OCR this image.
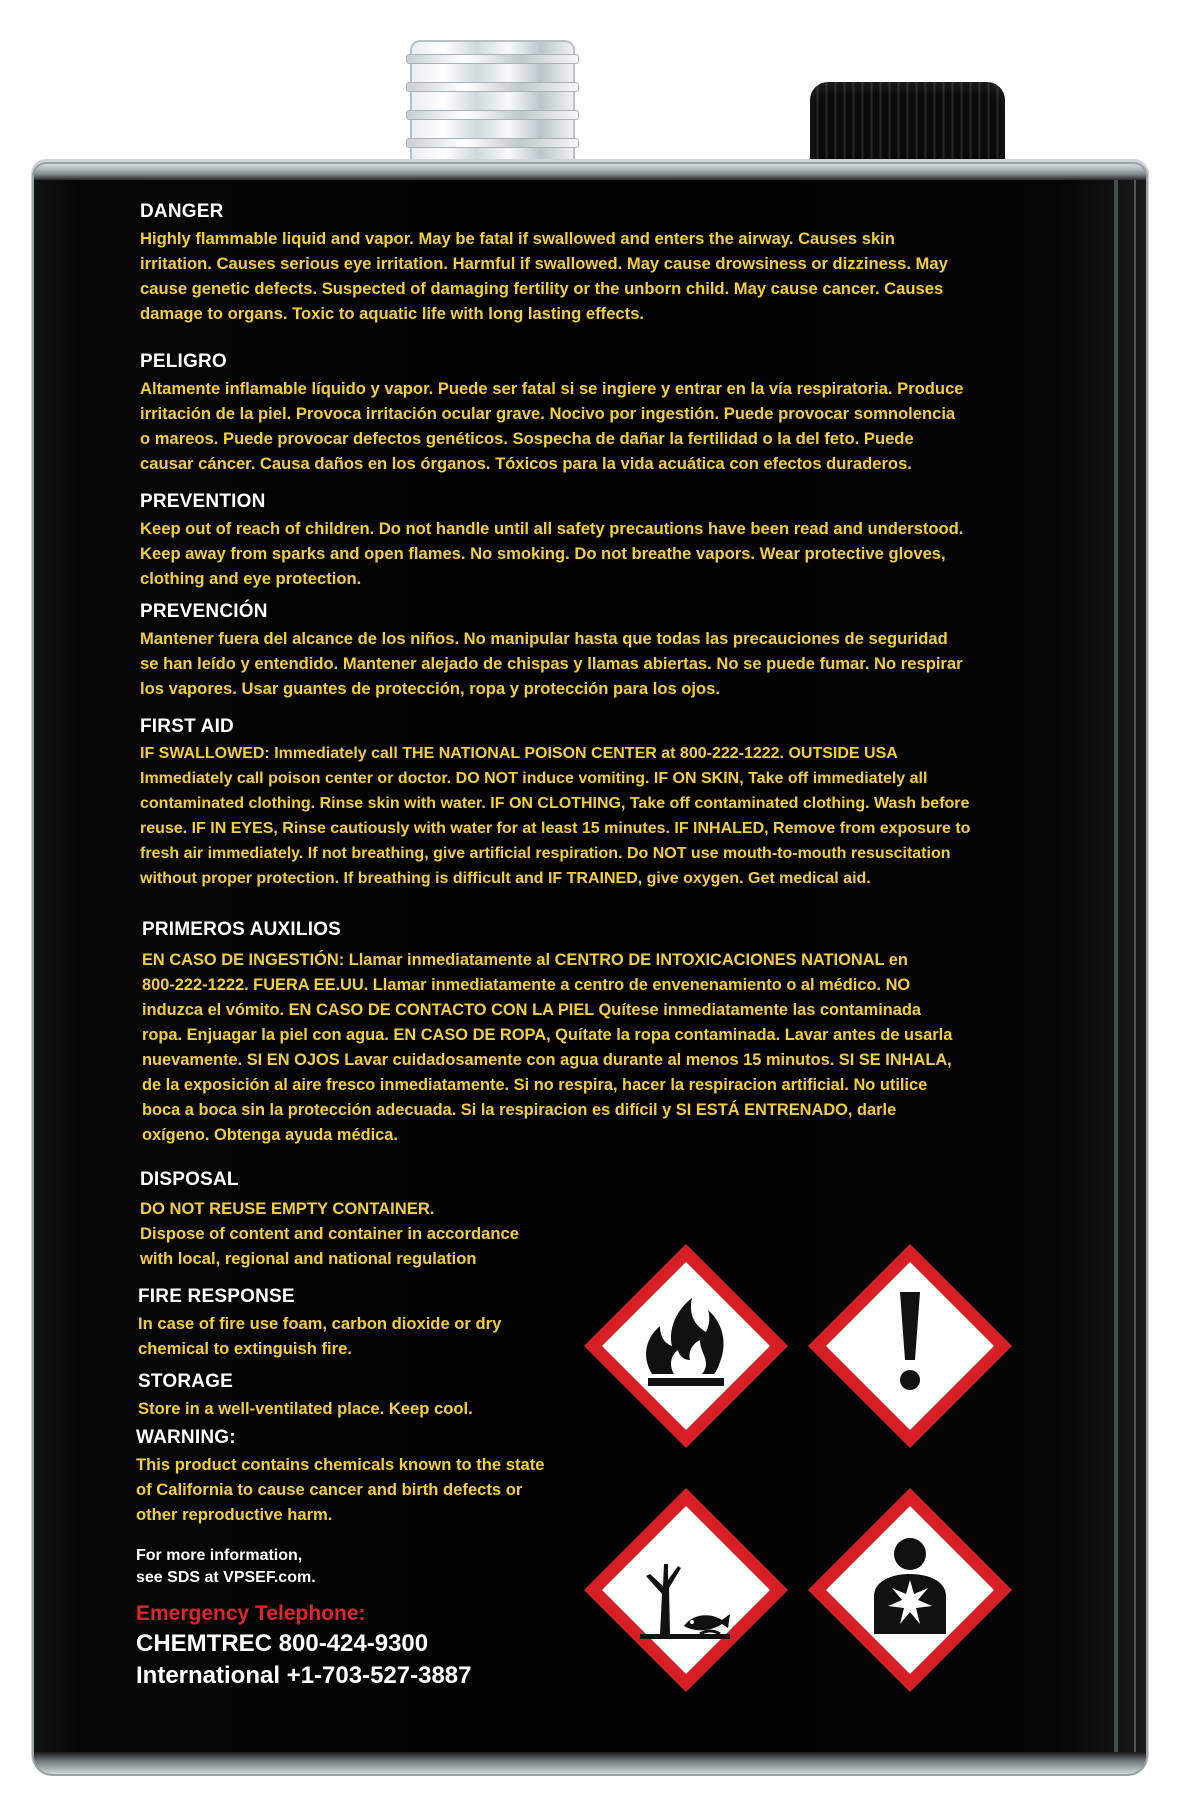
DANGER
Highly flammable liquid and vapor. May be fatal if swallowed and enters the airway. Causes skin
irritation. Causes serious eye irritation. Harmful if swallowed. May cause drowsiness or dizziness. May
cause genetic defects. Suspected of damaging fertility or the unborn child. May cause cancer. Causes
damage to organs. Toxic to aquatic life with long lasting effects.
PELIGRO
Altamente inflamable líquido y vapor. Puede ser fatal si se ingiere y entrar en la vía respiratoria. Produce
irritación de la piel. Provoca irritación ocular grave. Nocivo por ingestión. Puede provocar somnolencia
o mareos. Puede provocar defectos genéticos. Sospecha de dañar la fertilidad o la del feto. Puede
causar cáncer. Causa daños en los órganos. Tóxicos para la vida acuática con efectos duraderos.
PREVENTION
Keep out of reach of children. Do not handle until all safety precautions have been read and understood.
Keep away from sparks and open flames. No smoking. Do not breathe vapors. Wear protective gloves,
clothing and eye protection.
PREVENCIÓN
Mantener fuera del alcance de los niños. No manipular hasta que todas las precauciones de seguridad
se han leído y entendido. Mantener alejado de chispas y llamas abiertas. No se puede fumar. No respirar
los vapores. Usar guantes de protección, ropa y protección para los ojos.
FIRST AID
IF SWALLOWED: Immediately call THE NATIONAL POISON CENTER at 800-222-1222. OUTSIDE USA
Immediately call poison center or doctor. DO NOT induce vomiting. IF ON SKIN, Take off immediately all
contaminated clothing. Rinse skin with water. IF ON CLOTHING, Take off contaminated clothing. Wash before
reuse. IF IN EYES, Rinse cautiously with water for at least 15 minutes. IF INHALED, Remove from exposure to
fresh air immediately. If not breathing, give artificial respiration. Do NOT use mouth-to-mouth resuscitation
without proper protection. If breathing is difficult and IF TRAINED, give oxygen. Get medical aid.
PRIMEROS AUXILIOS
EN CASO DE INGESTIÓN: Llamar inmediatamente al CENTRO DE INTOXICACIONES NATIONAL en
800-222-1222. FUERA EE.UU. Llamar inmediatamente a centro de envenenamiento o al médico. NO
induzca el vómito. EN CASO DE CONTACTO CON LA PIEL Quítese inmediatamente las contaminada
ropa. Enjuagar la piel con agua. EN CASO DE ROPA, Quítate la ropa contaminada. Lavar antes de usarla
nuevamente. SI EN OJOS Lavar cuidadosamente con agua durante al menos 15 minutos. SI SE INHALA,
de la exposición al aire fresco inmediatamente. Si no respira, hacer la respiracion artificial. No utilice
boca a boca sin la protección adecuada. Si la respiracion es difícil y SI ESTÁ ENTRENADO, darle
oxígeno. Obtenga ayuda médica.
DISPOSAL
DO NOT REUSE EMPTY CONTAINER.
Dispose of content and container in accordance
with local, regional and national regulation
FIRE RESPONSE
In case of fire use foam, carbon dioxide or dry
chemical to extinguish fire.
STORAGE
Store in a well-ventilated place. Keep cool.
WARNING:
This product contains chemicals known to the state
of California to cause cancer and birth defects or
other reproductive harm.
For more information,
see SDS at VPSEF.com.
Emergency Telephone:
CHEMTREC 800-424-9300
International +1-703-527-3887
